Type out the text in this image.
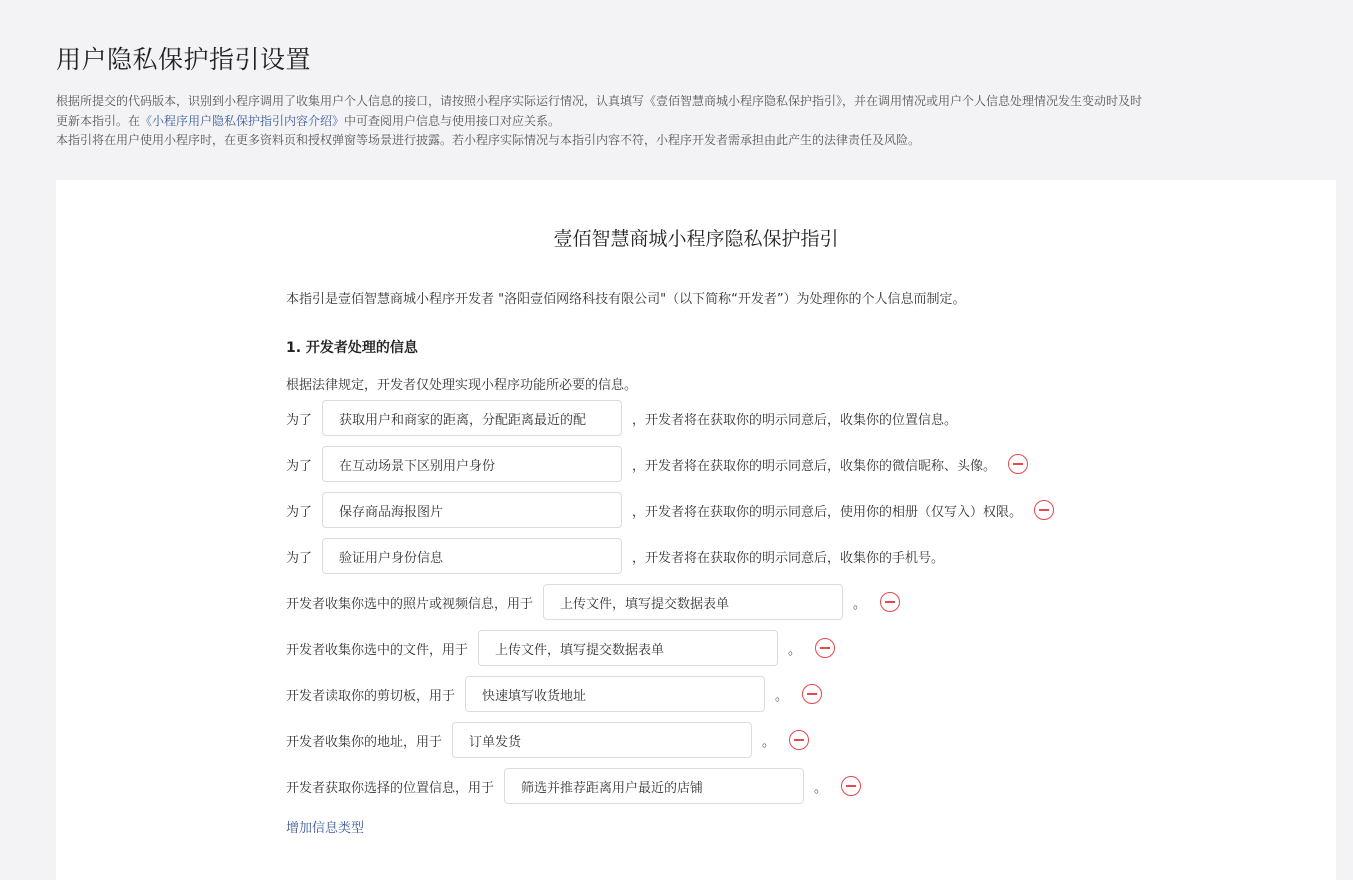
用户隐私保护指引设置
根据所提交的代码版本，识别到小程序调用了收集用户个人信息的接口，请按照小程序实际运行情况，认真填写《壹佰智慧商城小程序隐私保护指引》，并在调用情况或用户个人信息处理情况发生变动时及时
更新本指引。在《小程序用户隐私保护指引内容介绍》中可查阅用户信息与使用接口对应关系。
本指引将在用户使用小程序时，在更多资料页和授权弹窗等场景进行披露。若小程序实际情况与本指引内容不符，小程序开发者需承担由此产生的法律责任及风险。
壹佰智慧商城小程序隐私保护指引
本指引是壹佰智慧商城小程序开发者 "洛阳壹佰网络科技有限公司"（以下简称“开发者”）为处理你的个人信息而制定。
1. 开发者处理的信息
根据法律规定，开发者仅处理实现小程序功能所必要的信息。
为了
获取用户和商家的距离，分配距离最近的配	，开发者将在获取你的明示同意后，收集你的位置信息。
为了
在互动场景下区别用户身份	，开发者将在获取你的明示同意后，收集你的微信昵称、头像。
为了
保存商品海报图片	，开发者将在获取你的明示同意后，使用你的相册（仅写入）权限。
为了
验证用户身份信息	，开发者将在获取你的明示同意后，收集你的手机号。
开发者收集你选中的照片或视频信息，用于
上传文件，填写提交数据表单	。
开发者收集你选中的文件，用于
上传文件，填写提交数据表单	。
开发者读取你的剪切板，用于
快速填写收货地址	。
开发者收集你的地址，用于
订单发货	。
开发者获取你选择的位置信息，用于
筛选并推荐距离用户最近的店铺	。
增加信息类型
